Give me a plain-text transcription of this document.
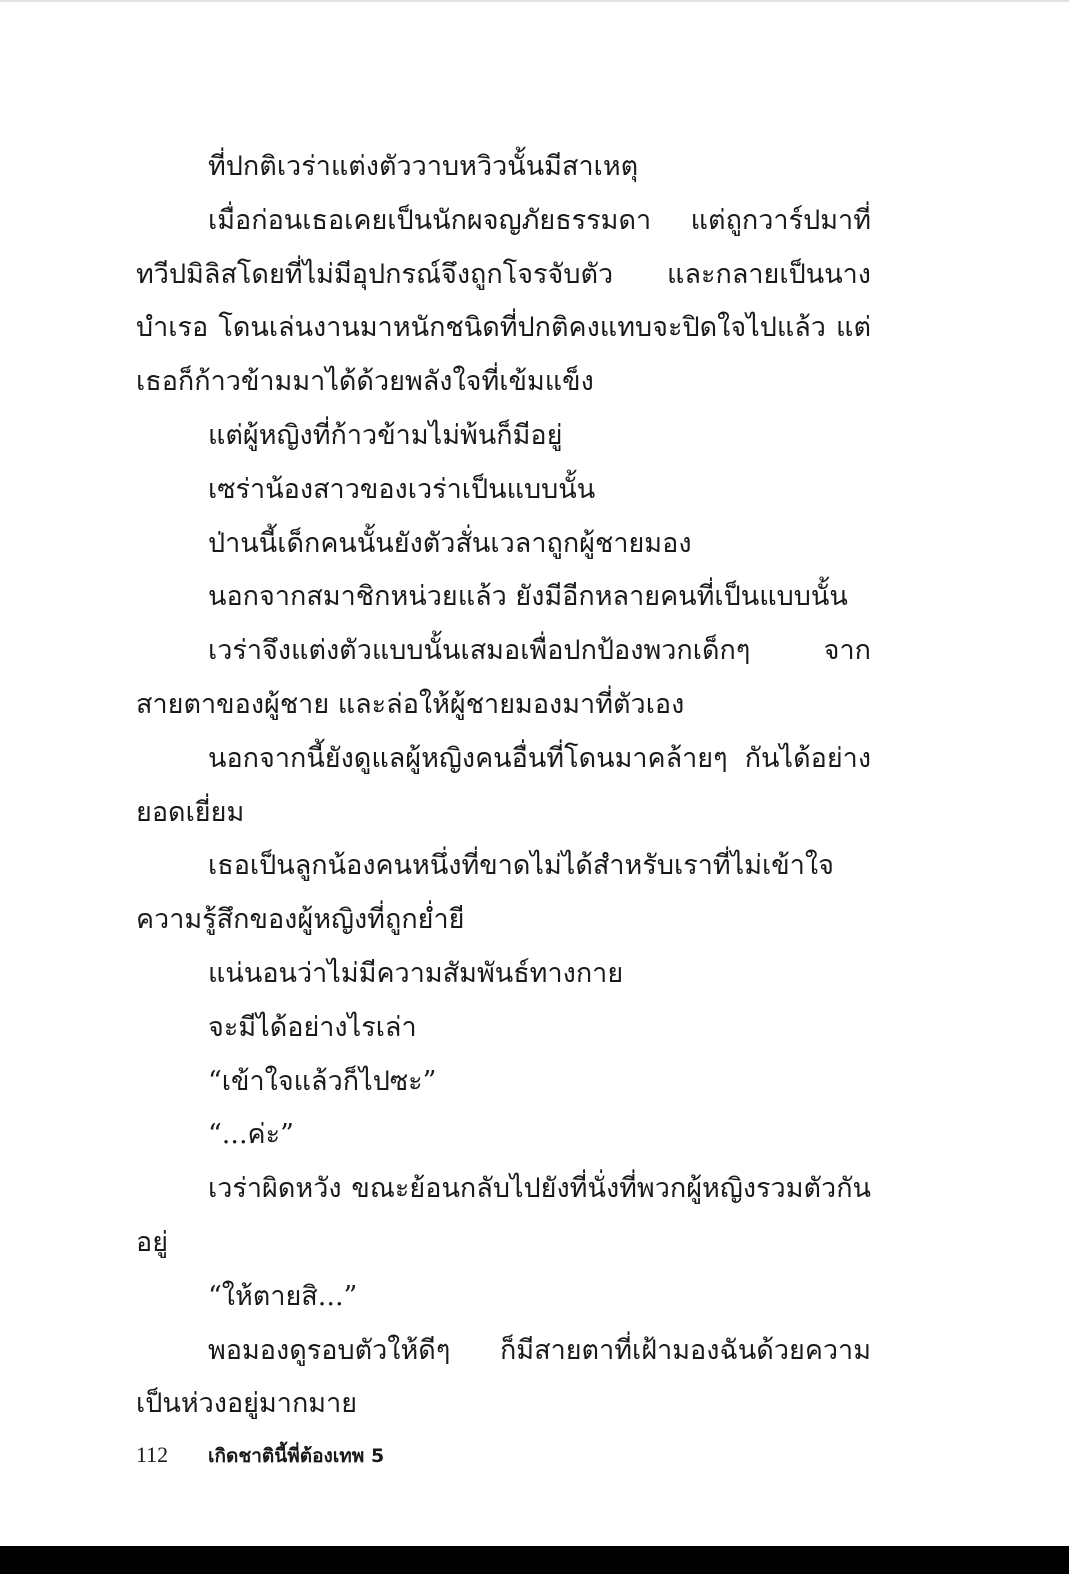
ที่ปกติเวร่าแต่งตัววาบหวิวนั้นมีสาเหตุ

เมื่อก่อนเธอเคยเป็นนักผจญภัยธรรมดา แต่ถูกวาร์ปมาที่ทวีปมิลิสโดยที่ไม่มีอุปกรณ์จึงถูกโจรจับตัว และกลายเป็นนางบำเรอ โดนเล่นงานมาหนักชนิดที่ปกติคงแทบจะปิดใจไปแล้ว แต่เธอก็ก้าวข้ามมาได้ด้วยพลังใจที่เข้มแข็ง

แต่ผู้หญิงที่ก้าวข้ามไม่พ้นก็มีอยู่

เซร่าน้องสาวของเวร่าเป็นแบบนั้น

ป่านนี้เด็กคนนั้นยังตัวสั่นเวลาถูกผู้ชายมอง

นอกจากสมาชิกหน่วยแล้ว ยังมีอีกหลายคนที่เป็นแบบนั้น

เวร่าจึงแต่งตัวแบบนั้นเสมอเพื่อปกป้องพวกเด็กๆ จากสายตาของผู้ชาย และล่อให้ผู้ชายมองมาที่ตัวเอง

นอกจากนี้ยังดูแลผู้หญิงคนอื่นที่โดนมาคล้ายๆ กันได้อย่างยอดเยี่ยม

เธอเป็นลูกน้องคนหนึ่งที่ขาดไม่ได้สำหรับเราที่ไม่เข้าใจความรู้สึกของผู้หญิงที่ถูกย่ำยี

แน่นอนว่าไม่มีความสัมพันธ์ทางกาย

จะมีได้อย่างไรเล่า

“เข้าใจแล้วก็ไปซะ”

“...ค่ะ”

เวร่าผิดหวัง ขณะย้อนกลับไปยังที่นั่งที่พวกผู้หญิงรวมตัวกันอยู่

“ให้ตายสิ...”

พอมองดูรอบตัวให้ดีๆ ก็มีสายตาที่เฝ้ามองฉันด้วยความเป็นห่วงอยู่มากมาย

112 เกิดชาตินี้พี่ต้องเทพ 5
